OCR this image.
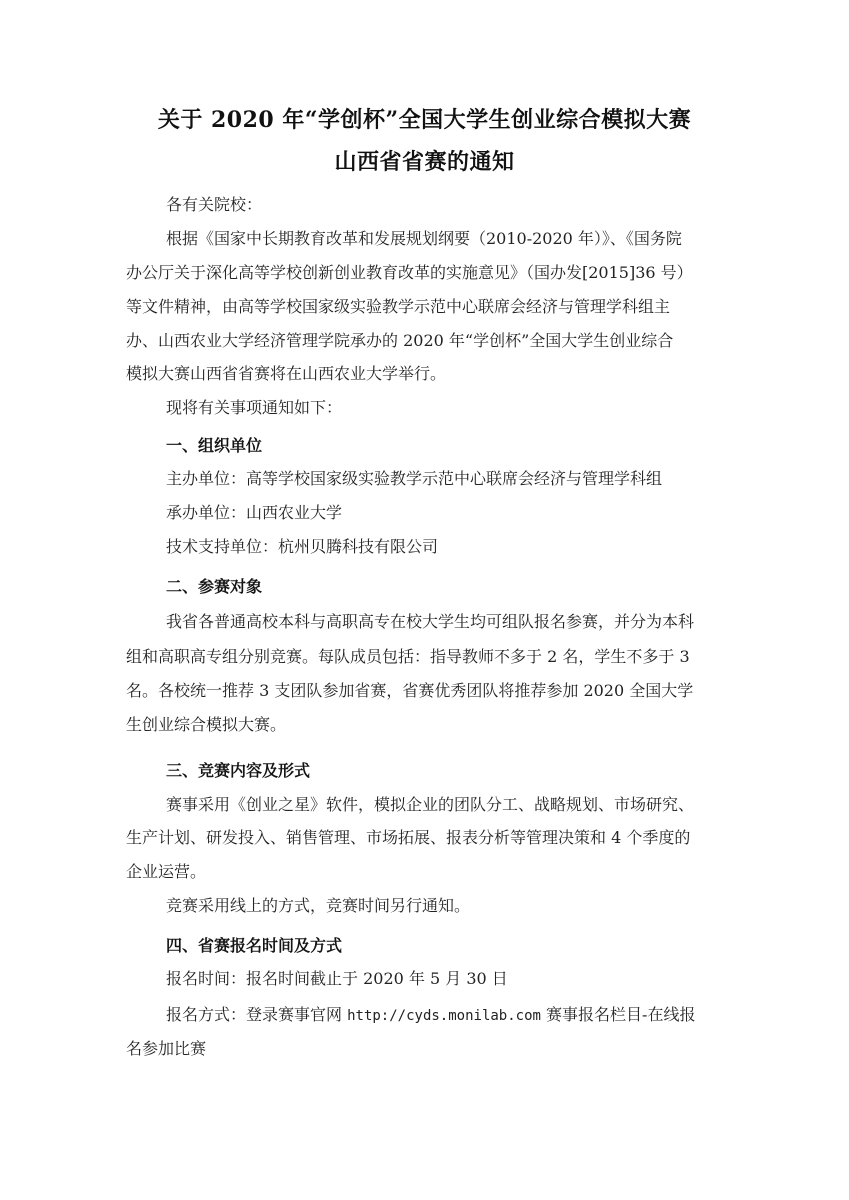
关于 2020 年“学创杯”全国大学生创业综合模拟大赛
山西省省赛的通知
各有关院校：
根据《国家中长期教育改革和发展规划纲要（2010-2020 年）》、《国务院
办公厅关于深化高等学校创新创业教育改革的实施意见》（国办发[2015]36 号）
等文件精神，由高等学校国家级实验教学示范中心联席会经济与管理学科组主
办、山西农业大学经济管理学院承办的 2020 年“学创杯”全国大学生创业综合
模拟大赛山西省省赛将在山西农业大学举行。
现将有关事项通知如下：
一、组织单位
主办单位：高等学校国家级实验教学示范中心联席会经济与管理学科组
承办单位：山西农业大学
技术支持单位：杭州贝腾科技有限公司
二、参赛对象
我省各普通高校本科与高职高专在校大学生均可组队报名参赛，并分为本科
组和高职高专组分别竞赛。每队成员包括：指导教师不多于 2 名，学生不多于 3
名。各校统一推荐 3 支团队参加省赛，省赛优秀团队将推荐参加 2020 全国大学
生创业综合模拟大赛。
三、竞赛内容及形式
赛事采用《创业之星》软件，模拟企业的团队分工、战略规划、市场研究、
生产计划、研发投入、销售管理、市场拓展、报表分析等管理决策和 4 个季度的
企业运营。
竞赛采用线上的方式，竞赛时间另行通知。
四、省赛报名时间及方式
报名时间：报名时间截止于 2020 年 5 月 30 日
报名方式：登录赛事官网 http://cyds.monilab.com 赛事报名栏目-在线报
名参加比赛
